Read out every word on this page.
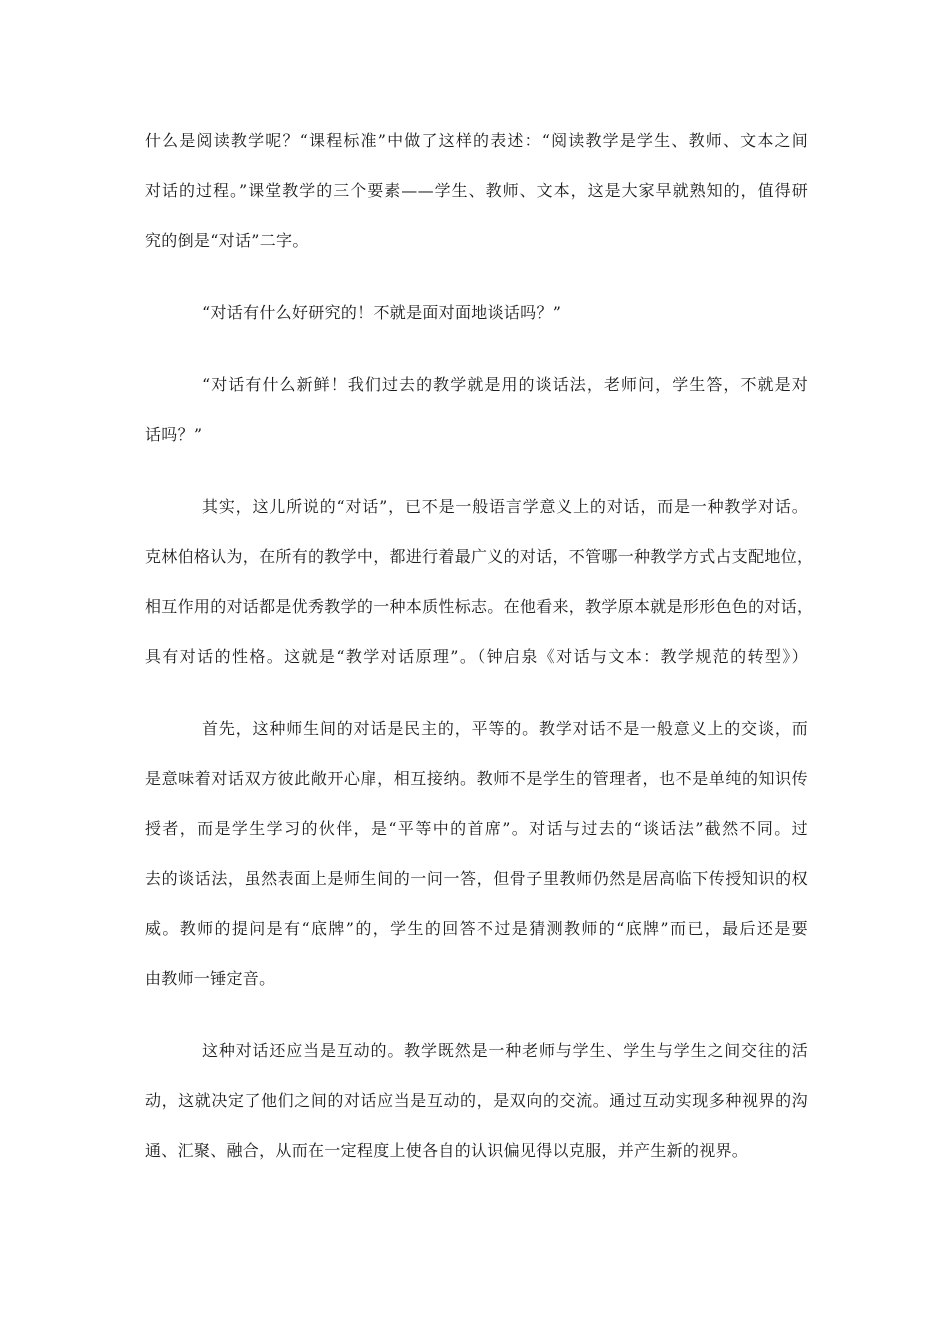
什么是阅读教学呢？“课程标准”中做了这样的表述：“阅读教学是学生、教师、文本之间

对话的过程。”课堂教学的三个要素——学生、教师、文本，这是大家早就熟知的，值得研

究的倒是“对话”二字。

“对话有什么好研究的！不就是面对面地谈话吗？”

“对话有什么新鲜！我们过去的教学就是用的谈话法，老师问，学生答，不就是对

话吗？”

其实，这儿所说的“对话”，已不是一般语言学意义上的对话，而是一种教学对话。

克林伯格认为，在所有的教学中，都进行着最广义的对话，不管哪一种教学方式占支配地位，

相互作用的对话都是优秀教学的一种本质性标志。在他看来，教学原本就是形形色色的对话，

具有对话的性格。这就是“教学对话原理”。（钟启泉《对话与文本：教学规范的转型》）

首先，这种师生间的对话是民主的，平等的。教学对话不是一般意义上的交谈，而

是意味着对话双方彼此敞开心扉，相互接纳。教师不是学生的管理者，也不是单纯的知识传

授者，而是学生学习的伙伴，是“平等中的首席”。对话与过去的“谈话法”截然不同。过

去的谈话法，虽然表面上是师生间的一问一答，但骨子里教师仍然是居高临下传授知识的权

威。教师的提问是有“底牌”的，学生的回答不过是猜测教师的“底牌”而已，最后还是要

由教师一锤定音。

这种对话还应当是互动的。教学既然是一种老师与学生、学生与学生之间交往的活

动，这就决定了他们之间的对话应当是互动的，是双向的交流。通过互动实现多种视界的沟

通、汇聚、融合，从而在一定程度上使各自的认识偏见得以克服，并产生新的视界。
